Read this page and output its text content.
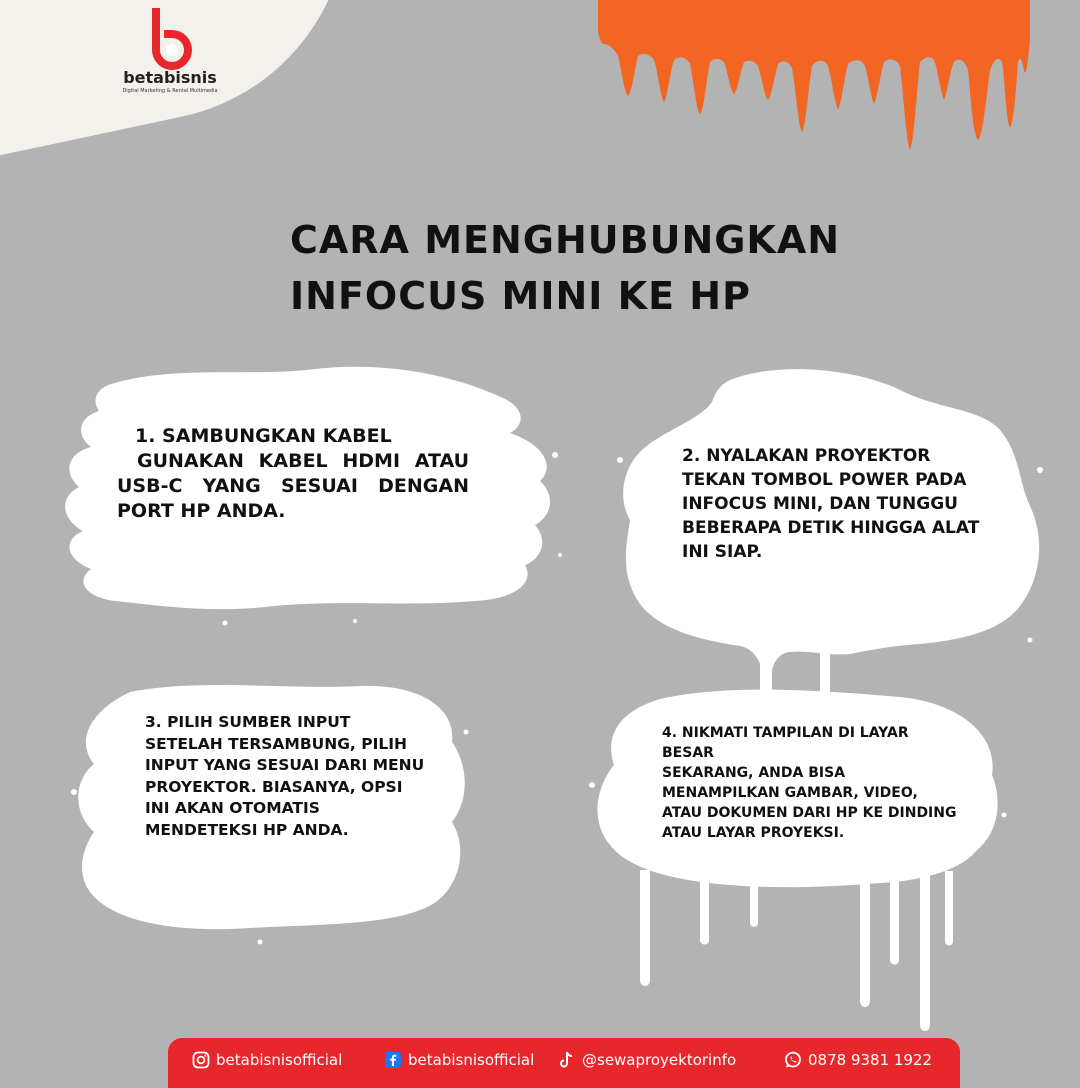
betabisnis
Digital Marketing & Rental Multimedia
CARA MENGHUBUNGKAN
INFOCUS MINI KE HP
1. SAMBUNGKAN KABEL
GUNAKAN KABEL HDMI ATAU USB-C YANG SESUAI DENGAN PORT HP ANDA.
2. NYALAKAN PROYEKTOR
TEKAN TOMBOL POWER PADA INFOCUS MINI, DAN TUNGGU BEBERAPA DETIK HINGGA ALAT INI SIAP.
3. PILIH SUMBER INPUT
SETELAH TERSAMBUNG, PILIH INPUT YANG SESUAI DARI MENU PROYEKTOR. BIASANYA, OPSI INI AKAN OTOMATIS MENDETEKSI HP ANDA.
4. NIKMATI TAMPILAN DI LAYAR BESAR
SEKARANG, ANDA BISA MENAMPILKAN GAMBAR, VIDEO, ATAU DOKUMEN DARI HP KE DINDING ATAU LAYAR PROYEKSI.
betabisnisofficial	betabisnisofficial	@sewaproyektorinfo	0878 9381 1922
